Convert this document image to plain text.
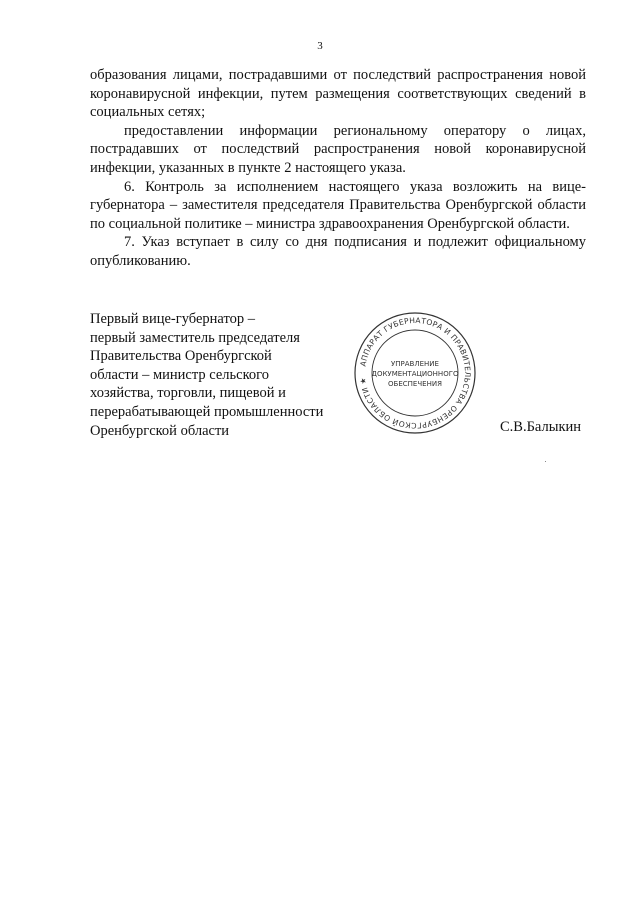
3

образования лицами, пострадавшими от последствий распространения новой коронавирусной инфекции, путем размещения соответствующих сведений в социальных сетях;

предоставлении информации региональному оператору о лицах, пострадавших от последствий распространения новой коронавирусной инфекции, указанных в пункте 2 настоящего указа.

6. Контроль за исполнением настоящего указа возложить на вице-губернатора – заместителя председателя Правительства Оренбургской области по социальной политике – министра здравоохранения Оренбургской области.

7. Указ вступает в силу со дня подписания и подлежит официальному опубликованию.

Первый вице-губернатор –
первый заместитель председателя
Правительства Оренбургской
области – министр сельского
хозяйства, торговли, пищевой и
перерабатывающей промышленности
Оренбургской области
АППАРАТ ГУБЕРНАТОРА И ПРАВИТЕЛЬСТВА ОРЕНБУРГСКОЙ ОБЛАСТИ ★
УПРАВЛЕНИЕ
ДОКУМЕНТАЦИОННОГО
ОБЕСПЕЧЕНИЯ
С.В.Балыкин
